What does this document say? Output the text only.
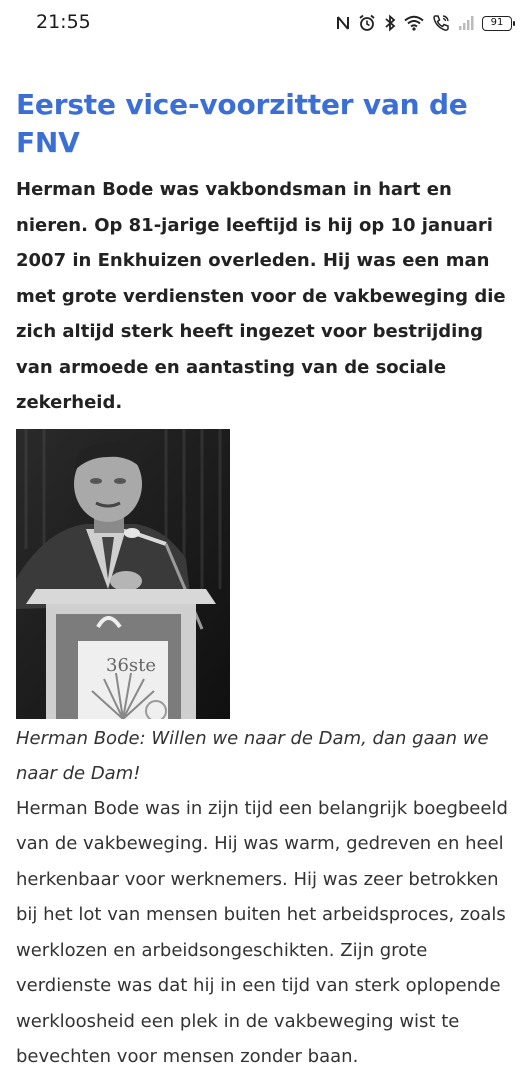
21:55	91
Eerste vice-voorzitter van de FNV

Herman Bode was vakbondsman in hart en nieren. Op 81-jarige leeftijd is hij op 10 januari 2007 in Enkhuizen overleden. Hij was een man met grote verdiensten voor de vakbeweging die zich altijd sterk heeft ingezet voor bestrijding van armoede en aantasting van de sociale zekerheid.

36ste

Herman Bode: Willen we naar de Dam, dan gaan we naar de Dam!

Herman Bode was in zijn tijd een belangrijk boegbeeld van de vakbeweging. Hij was warm, gedreven en heel herkenbaar voor werknemers. Hij was zeer betrokken bij het lot van mensen buiten het arbeidsproces, zoals werklozen en arbeidsongeschikten. Zijn grote verdienste was dat hij in een tijd van sterk oplopende werkloosheid een plek in de vakbeweging wist te bevechten voor mensen zonder baan.
